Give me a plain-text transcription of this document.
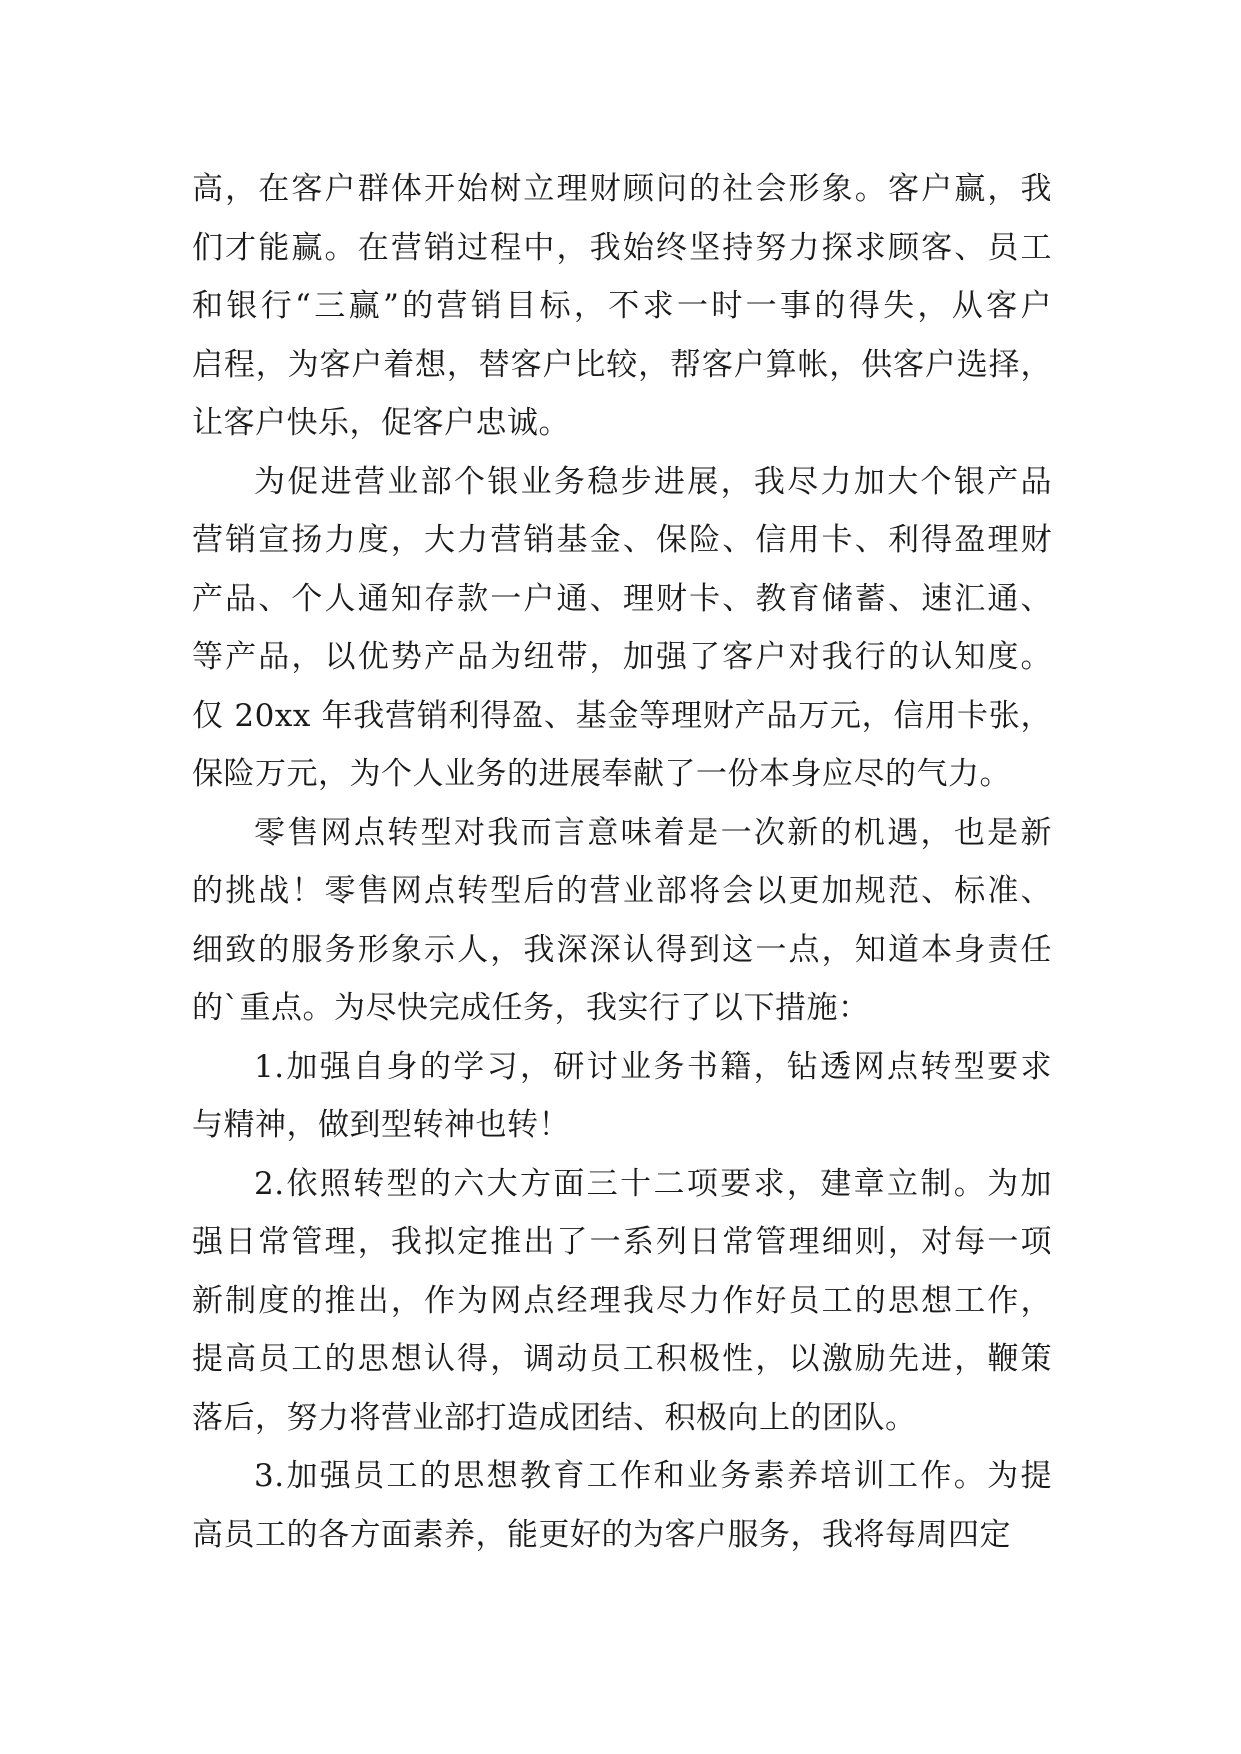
高，在客户群体开始树立理财顾问的社会形象。客户赢，我
们才能赢。在营销过程中，我始终坚持努力探求顾客、员工
和银行“三赢”的营销目标，不求一时一事的得失，从客户
启程，为客户着想，替客户比较，帮客户算帐，供客户选择，
让客户快乐，促客户忠诚。
为促进营业部个银业务稳步进展，我尽力加大个银产品
营销宣扬力度，大力营销基金、保险、信用卡、利得盈理财
产品、个人通知存款一户通、理财卡、教育储蓄、速汇通、
等产品，以优势产品为纽带，加强了客户对我行的认知度。
仅 20xx 年我营销利得盈、基金等理财产品万元，信用卡张，
保险万元，为个人业务的进展奉献了一份本身应尽的气力。
零售网点转型对我而言意味着是一次新的机遇，也是新
的挑战！零售网点转型后的营业部将会以更加规范、标准、
细致的服务形象示人，我深深认得到这一点，知道本身责任
的`重点。为尽快完成任务，我实行了以下措施：
1.加强自身的学习，研讨业务书籍，钻透网点转型要求
与精神，做到型转神也转！
2.依照转型的六大方面三十二项要求，建章立制。为加
强日常管理，我拟定推出了一系列日常管理细则，对每一项
新制度的推出，作为网点经理我尽力作好员工的思想工作，
提高员工的思想认得，调动员工积极性，以激励先进，鞭策
落后，努力将营业部打造成团结、积极向上的团队。
3.加强员工的思想教育工作和业务素养培训工作。为提
高员工的各方面素养，能更好的为客户服务，我将每周四定
